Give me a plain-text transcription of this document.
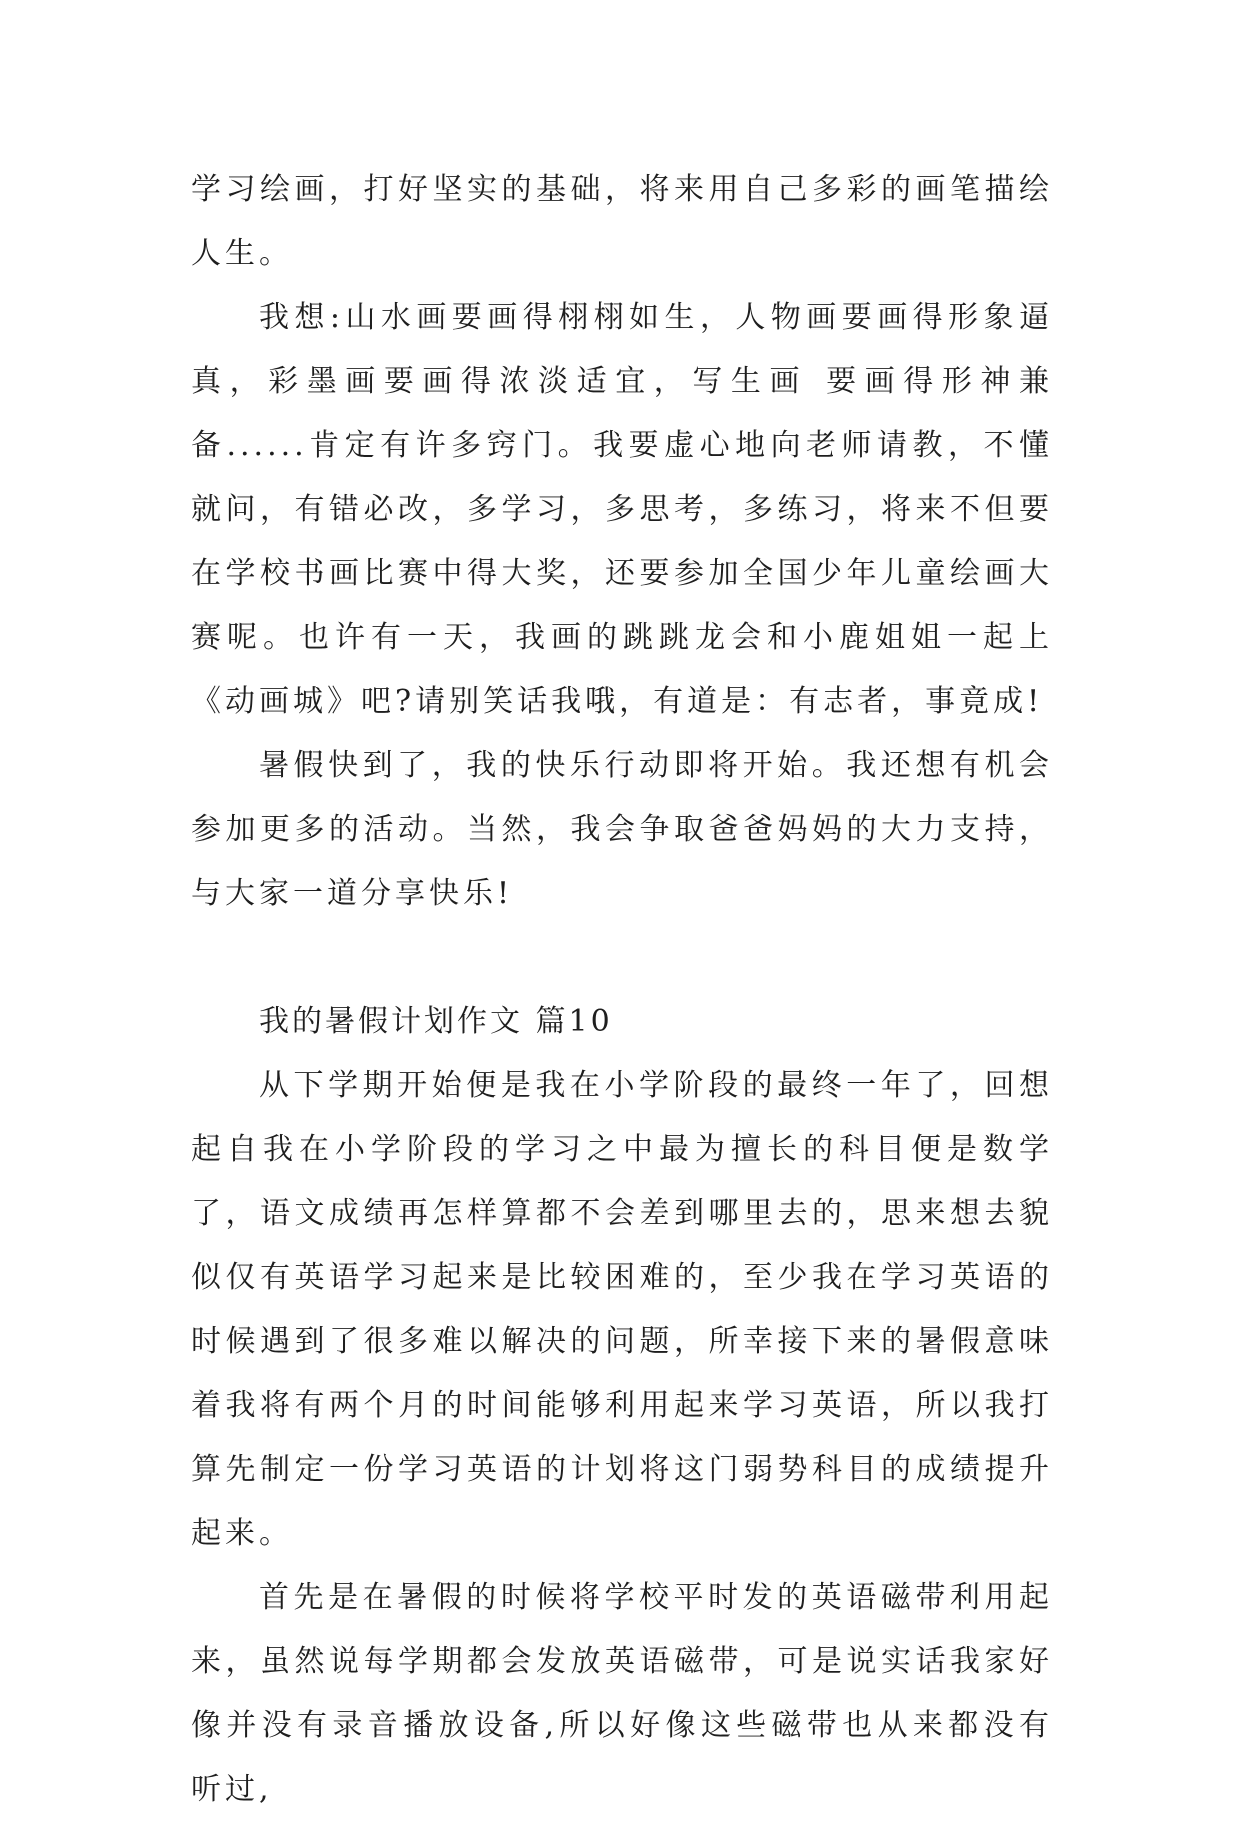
学习绘画，打好坚实的基础，将来用自己多彩的画笔描绘人生。

我想:山水画要画得栩栩如生，人物画要画得形象逼真，彩墨画要画得浓淡适宜，写生画 要画得形神兼备......肯定有许多窍门。我要虚心地向老师请教，不懂就问，有错必改，多学习，多思考，多练习，将来不但要在学校书画比赛中得大奖，还要参加全国少年儿童绘画大赛呢。也许有一天，我画的跳跳龙会和小鹿姐姐一起上《动画城》吧?请别笑话我哦，有道是：有志者，事竟成!

暑假快到了，我的快乐行动即将开始。我还想有机会参加更多的活动。当然，我会争取爸爸妈妈的大力支持，与大家一道分享快乐!

我的暑假计划作文 篇10

从下学期开始便是我在小学阶段的最终一年了，回想起自我在小学阶段的学习之中最为擅长的科目便是数学了，语文成绩再怎样算都不会差到哪里去的，思来想去貌似仅有英语学习起来是比较困难的，至少我在学习英语的时候遇到了很多难以解决的问题，所幸接下来的暑假意味着我将有两个月的时间能够利用起来学习英语，所以我打算先制定一份学习英语的计划将这门弱势科目的成绩提升起来。

首先是在暑假的时候将学校平时发的英语磁带利用起来，虽然说每学期都会发放英语磁带，可是说实话我家好像并没有录音播放设备,所以好像这些磁带也从来都没有听过,
